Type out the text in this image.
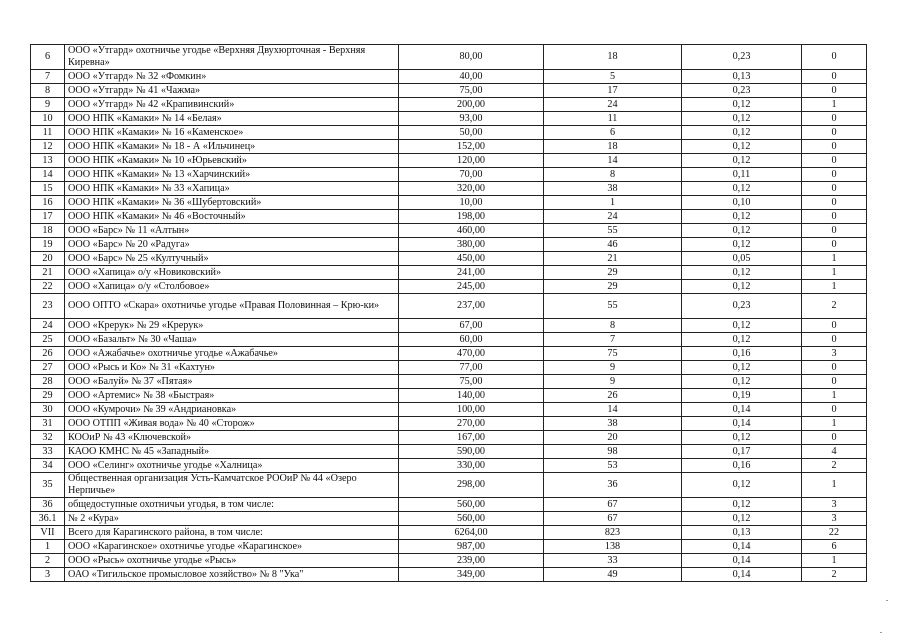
6	ООО «Утгард» охотничье угодье «Верхняя Двухюрточная - Верхняя Киревна»	80,00	18	0,23	0
7	ООО «Утгард» № 32 «Фомкин»	40,00	5	0,13	0
8	ООО «Утгард» № 41 «Чажма»	75,00	17	0,23	0
9	ООО «Утгард» № 42 «Крапивинский»	200,00	24	0,12	1
10	ООО НПК «Камаки» № 14 «Белая»	93,00	11	0,12	0
11	ООО НПК «Камаки» № 16 «Каменское»	50,00	6	0,12	0
12	ООО НПК «Камаки» № 18 - А «Ильчинец»	152,00	18	0,12	0
13	ООО НПК «Камаки» № 10 «Юрьевский»	120,00	14	0,12	0
14	ООО НПК «Камаки» № 13 «Харчинский»	70,00	8	0,11	0
15	ООО НПК «Камаки» № 33 «Хапица»	320,00	38	0,12	0
16	ООО НПК «Камаки» № 36 «Шубертовский»	10,00	1	0,10	0
17	ООО НПК «Камаки» № 46 «Восточный»	198,00	24	0,12	0
18	ООО «Барс» № 11 «Алтын»	460,00	55	0,12	0
19	ООО «Барс» № 20 «Радуга»	380,00	46	0,12	0
20	ООО «Барс» № 25 «Култучный»	450,00	21	0,05	1
21	ООО «Хапица» о/у «Новиковский»	241,00	29	0,12	1
22	ООО «Хапица» о/у «Столбовое»	245,00	29	0,12	1
23	ООО ОПТО «Скара» охотничье угодье «Правая Половинная – Крю-ки»	237,00	55	0,23	2
24	ООО «Крерук» № 29 «Крерук»	67,00	8	0,12	0
25	ООО «Базальт» № 30 «Чаша»	60,00	7	0,12	0
26	ООО «Ажабачье» охотничье угодье «Ажабачье»	470,00	75	0,16	3
27	ООО «Рысь и Ко» № 31 «Кахтун»	77,00	9	0,12	0
28	ООО «Балуй» № 37 «Пятая»	75,00	9	0,12	0
29	ООО «Артемис» № 38 «Быстрая»	140,00	26	0,19	1
30	ООО «Кумрочи» № 39 «Андриановка»	100,00	14	0,14	0
31	ООО ОТПП «Живая вода» № 40 «Сторож»	270,00	38	0,14	1
32	КООиР № 43 «Ключевской»	167,00	20	0,12	0
33	КАОО КМНС № 45 «Западный»	590,00	98	0,17	4
34	ООО «Селинг» охотничье угодье «Халница»	330,00	53	0,16	2
35	Общественная организация Усть-Камчатское РООиР № 44 «Озеро Нерпичье»	298,00	36	0,12	1
36	общедоступные охотничьи угодья, в том числе:	560,00	67	0,12	3
36.1	№ 2 «Кура»	560,00	67	0,12	3
VII	Всего для Карагинского района, в том числе:	6264,00	823	0,13	22
1	ООО «Карагинское» охотничье угодье «Карагинское»	987,00	138	0,14	6
2	ООО «Рысь» охотничье угодье «Рысь»	239,00	33	0,14	1
3	ОАО «Тигильское промысловое хозяйство» № 8 "Ука"	349,00	49	0,14	2
